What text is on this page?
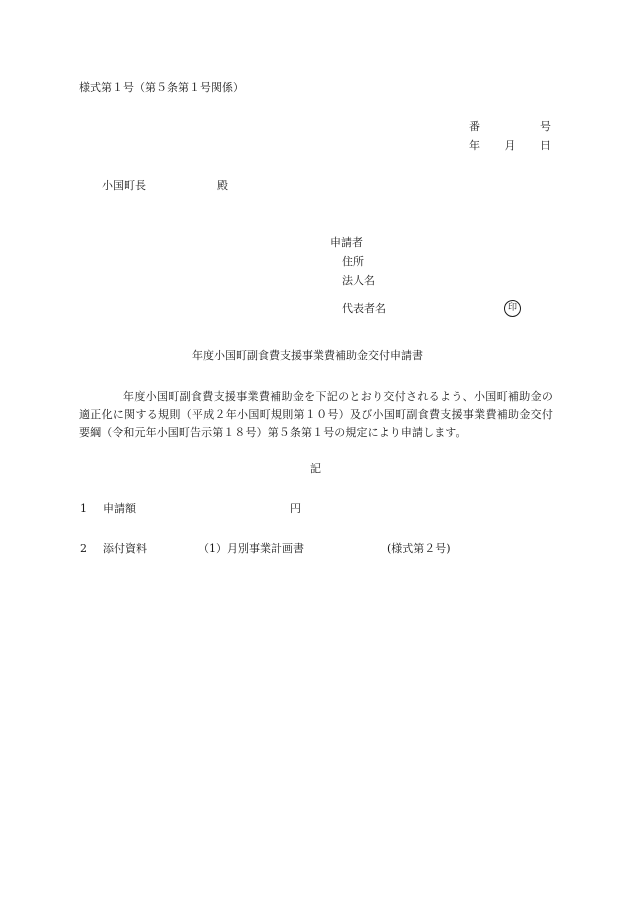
様式第１号（第５条第１号関係）
番	号
年 月 日
小国町長	殿
申請者
住所
法人名
代表者名	印
年度小国町副食費支援事業費補助金交付申請書
年度小国町副食費支援事業費補助金を下記のとおり交付されるよう、小国町補助金の適正化に関する規則（平成２年小国町規則第１０号）及び小国町副食費支援事業費補助金交付要綱（令和元年小国町告示第１８号）第５条第１号の規定により申請します。
記
1 申請額	円
2 添付資料	（1）月別事業計画書	(様式第２号)
